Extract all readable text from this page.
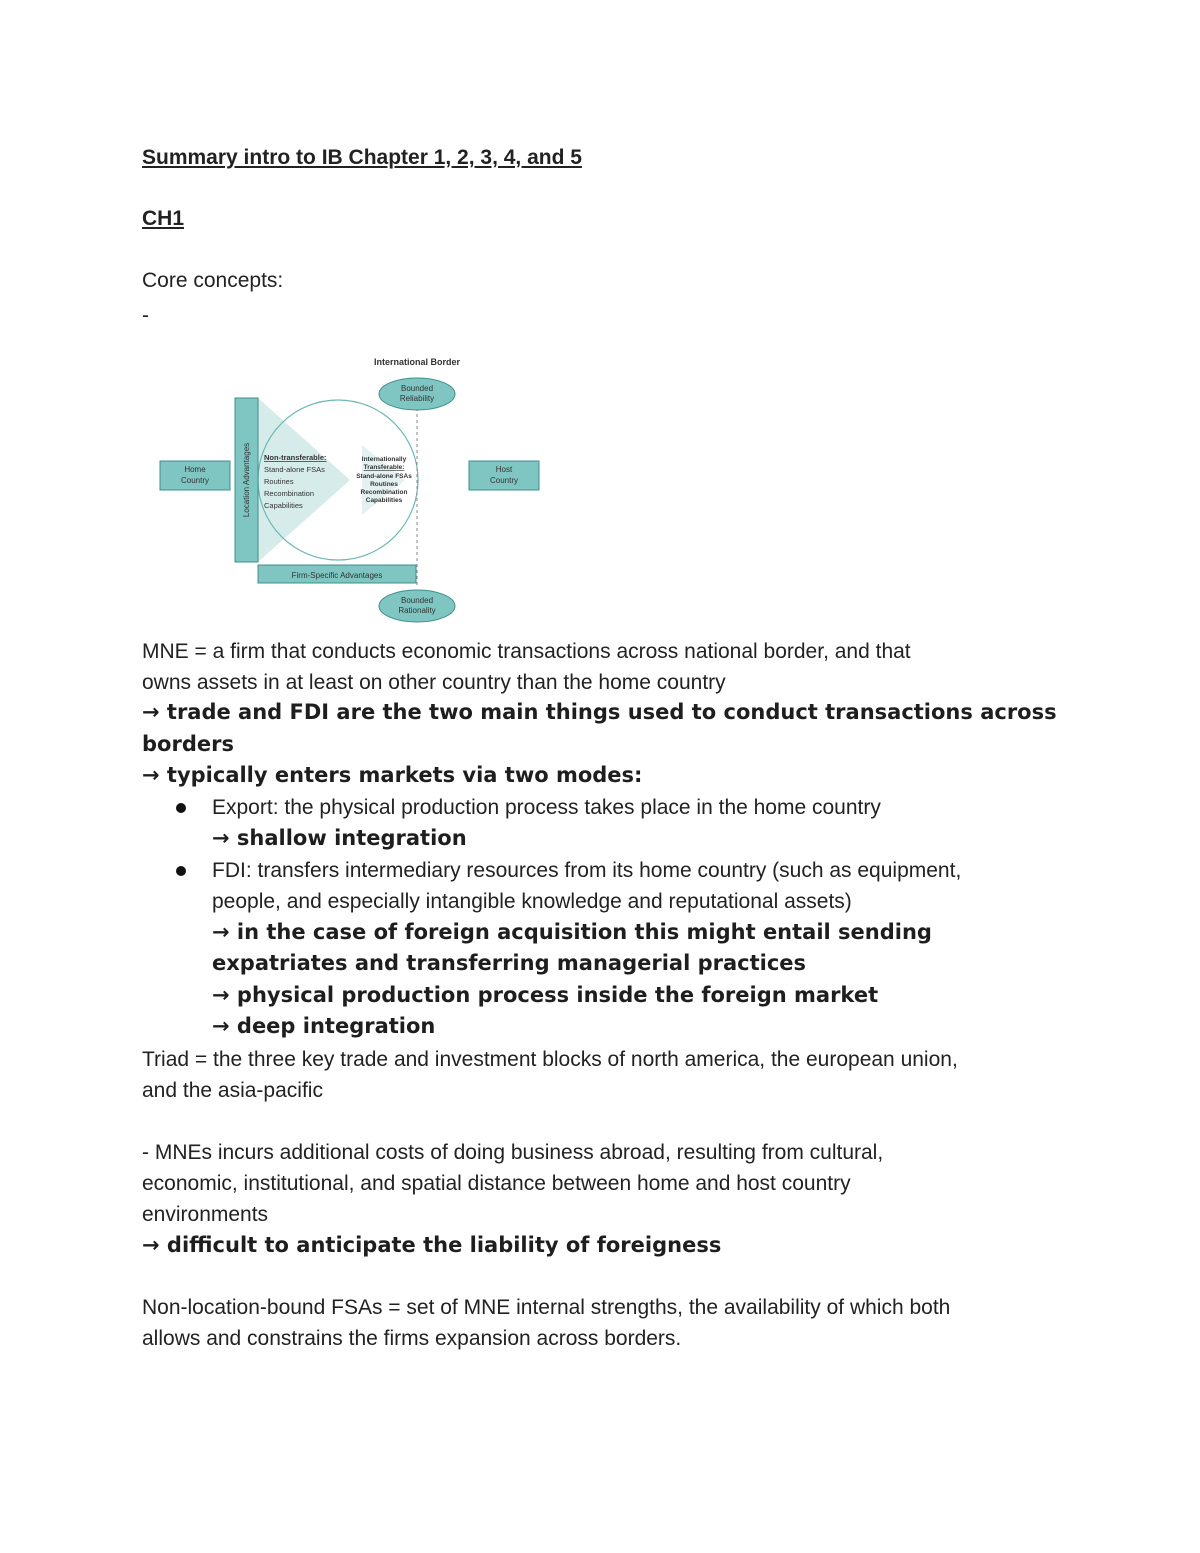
Summary intro to IB Chapter 1, 2, 3, 4, and 5
CH1
Core concepts:
-
International Border
Bounded
Reliability
Bounded
Rationality
Location Advantages
Firm-Specific Advantages
Home
Country
Host
Country
Non-transferable:
Stand-alone FSAs
Routines
Recombination
Capabilities
Internationally
Transferable:
Stand-alone FSAs
Routines
Recombination
Capabilities
MNE = a firm that conducts economic transactions across national border, and that
owns assets in at least on other country than the home country
→ trade and FDI are the two main things used to conduct transactions across
borders
→ typically enters markets via two modes:
Export: the physical production process takes place in the home country
→ shallow integration
FDI: transfers intermediary resources from its home country (such as equipment,
people, and especially intangible knowledge and reputational assets)
→ in the case of foreign acquisition this might entail sending
expatriates and transferring managerial practices
→ physical production process inside the foreign market
→ deep integration
Triad = the three key trade and investment blocks of north america, the european union,
and the asia-pacific
- MNEs incurs additional costs of doing business abroad, resulting from cultural,
economic, institutional, and spatial distance between home and host country
environments
→ difficult to anticipate the liability of foreigness
Non-location-bound FSAs = set of MNE internal strengths, the availability of which both
allows and constrains the firms expansion across borders.
